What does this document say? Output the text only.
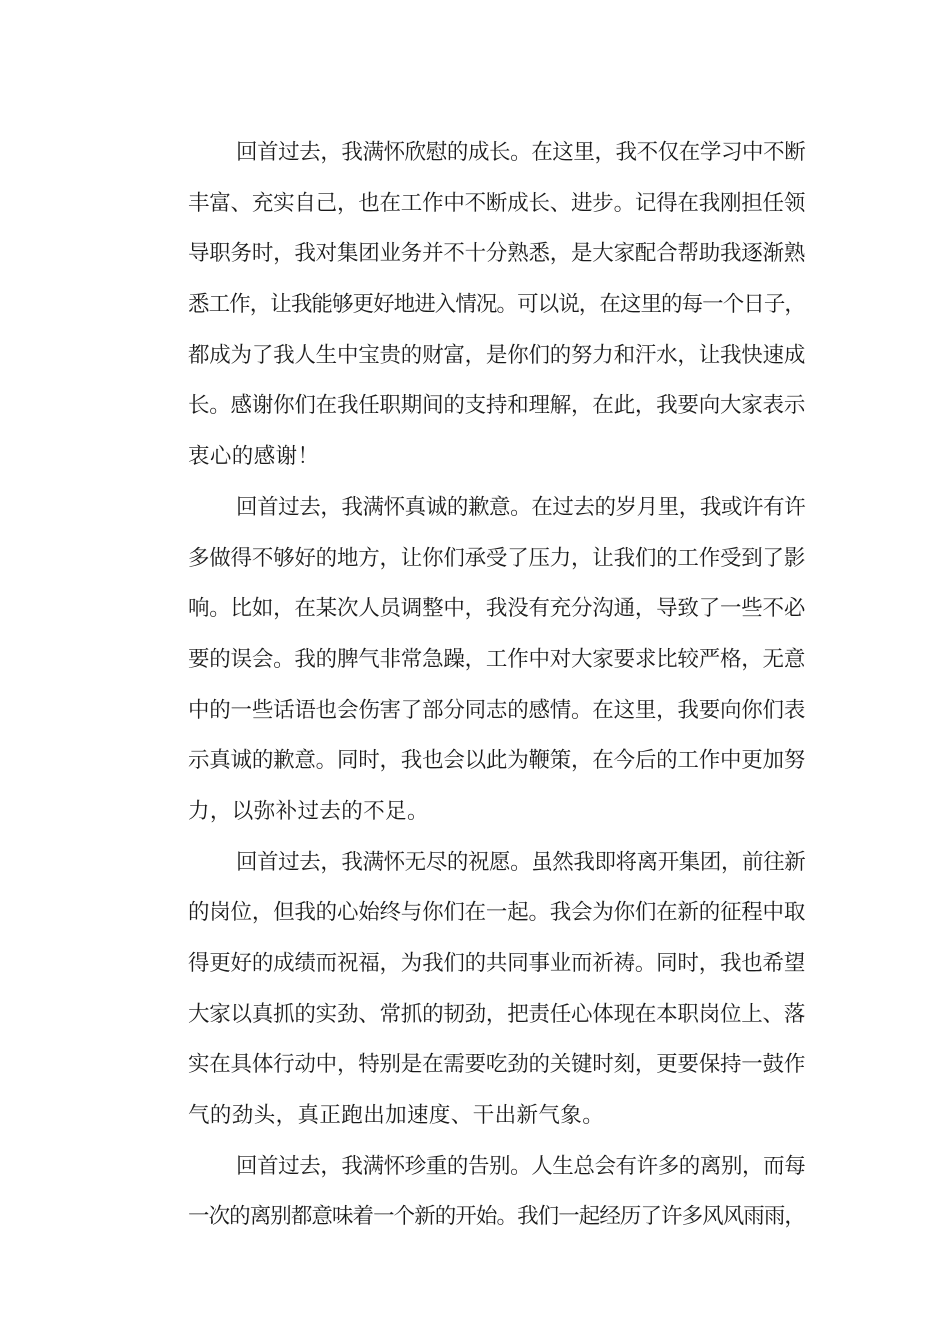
回首过去，我满怀欣慰的成长。在这里，我不仅在学习中不断
丰富、充实自己，也在工作中不断成长、进步。记得在我刚担任领
导职务时，我对集团业务并不十分熟悉，是大家配合帮助我逐渐熟
悉工作，让我能够更好地进入情况。可以说，在这里的每一个日子，
都成为了我人生中宝贵的财富，是你们的努力和汗水，让我快速成
长。感谢你们在我任职期间的支持和理解，在此，我要向大家表示
衷心的感谢！
回首过去，我满怀真诚的歉意。在过去的岁月里，我或许有许
多做得不够好的地方，让你们承受了压力，让我们的工作受到了影
响。比如，在某次人员调整中，我没有充分沟通，导致了一些不必
要的误会。我的脾气非常急躁，工作中对大家要求比较严格，无意
中的一些话语也会伤害了部分同志的感情。在这里，我要向你们表
示真诚的歉意。同时，我也会以此为鞭策，在今后的工作中更加努
力，以弥补过去的不足。
回首过去，我满怀无尽的祝愿。虽然我即将离开集团，前往新
的岗位，但我的心始终与你们在一起。我会为你们在新的征程中取
得更好的成绩而祝福，为我们的共同事业而祈祷。同时，我也希望
大家以真抓的实劲、常抓的韧劲，把责任心体现在本职岗位上、落
实在具体行动中，特别是在需要吃劲的关键时刻，更要保持一鼓作
气的劲头，真正跑出加速度、干出新气象。
回首过去，我满怀珍重的告别。人生总会有许多的离别，而每
一次的离别都意味着一个新的开始。我们一起经历了许多风风雨雨，
